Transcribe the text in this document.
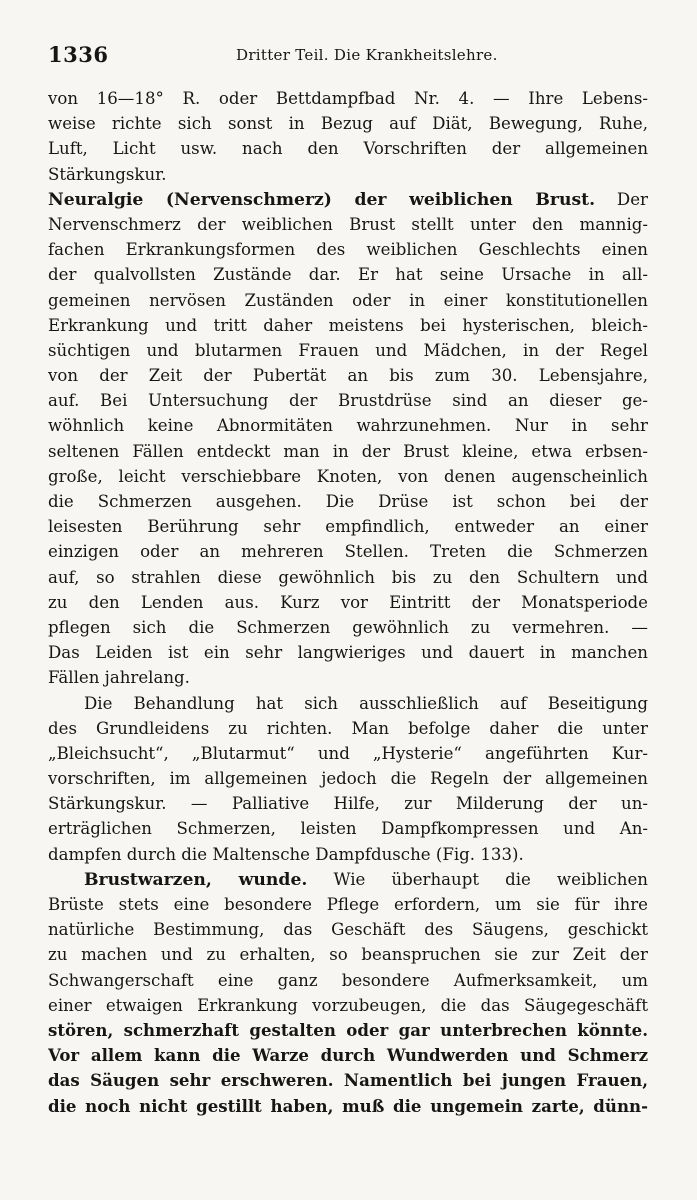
1336	Dritter Teil. Die Krankheitslehre.
von 16—18° R. oder Bettdampfbad Nr. 4. — Ihre Lebens-
weise richte sich sonst in Bezug auf Diät, Bewegung, Ruhe,
Luft, Licht usw. nach den Vorschriften der allgemeinen
Stärkungskur.
Neuralgie (Nervenschmerz) der weiblichen Brust. Der
Nervenschmerz der weiblichen Brust stellt unter den mannig-
fachen Erkrankungsformen des weiblichen Geschlechts einen
der qualvollsten Zustände dar. Er hat seine Ursache in all-
gemeinen nervösen Zuständen oder in einer konstitutionellen
Erkrankung und tritt daher meistens bei hysterischen, bleich-
süchtigen und blutarmen Frauen und Mädchen, in der Regel
von der Zeit der Pubertät an bis zum 30. Lebensjahre,
auf. Bei Untersuchung der Brustdrüse sind an dieser ge-
wöhnlich keine Abnormitäten wahrzunehmen. Nur in sehr
seltenen Fällen entdeckt man in der Brust kleine, etwa erbsen-
große, leicht verschiebbare Knoten, von denen augenscheinlich
die Schmerzen ausgehen. Die Drüse ist schon bei der
leisesten Berührung sehr empfindlich, entweder an einer
einzigen oder an mehreren Stellen. Treten die Schmerzen
auf, so strahlen diese gewöhnlich bis zu den Schultern und
zu den Lenden aus. Kurz vor Eintritt der Monatsperiode
pflegen sich die Schmerzen gewöhnlich zu vermehren. —
Das Leiden ist ein sehr langwieriges und dauert in manchen
Fällen jahrelang.
Die Behandlung hat sich ausschließlich auf Beseitigung
des Grundleidens zu richten. Man befolge daher die unter
„Bleichsucht“, „Blutarmut“ und „Hysterie“ angeführten Kur-
vorschriften, im allgemeinen jedoch die Regeln der allgemeinen
Stärkungskur. — Palliative Hilfe, zur Milderung der un-
erträglichen Schmerzen, leisten Dampfkompressen und An-
dampfen durch die Maltensche Dampfdusche (Fig. 133).
Brustwarzen, wunde. Wie überhaupt die weiblichen
Brüste stets eine besondere Pflege erfordern, um sie für ihre
natürliche Bestimmung, das Geschäft des Säugens, geschickt
zu machen und zu erhalten, so beanspruchen sie zur Zeit der
Schwangerschaft eine ganz besondere Aufmerksamkeit, um
einer etwaigen Erkrankung vorzubeugen, die das Säugegeschäft
stören, schmerzhaft gestalten oder gar unterbrechen könnte.
Vor allem kann die Warze durch Wundwerden und Schmerz
das Säugen sehr erschweren. Namentlich bei jungen Frauen,
die noch nicht gestillt haben, muß die ungemein zarte, dünn-
